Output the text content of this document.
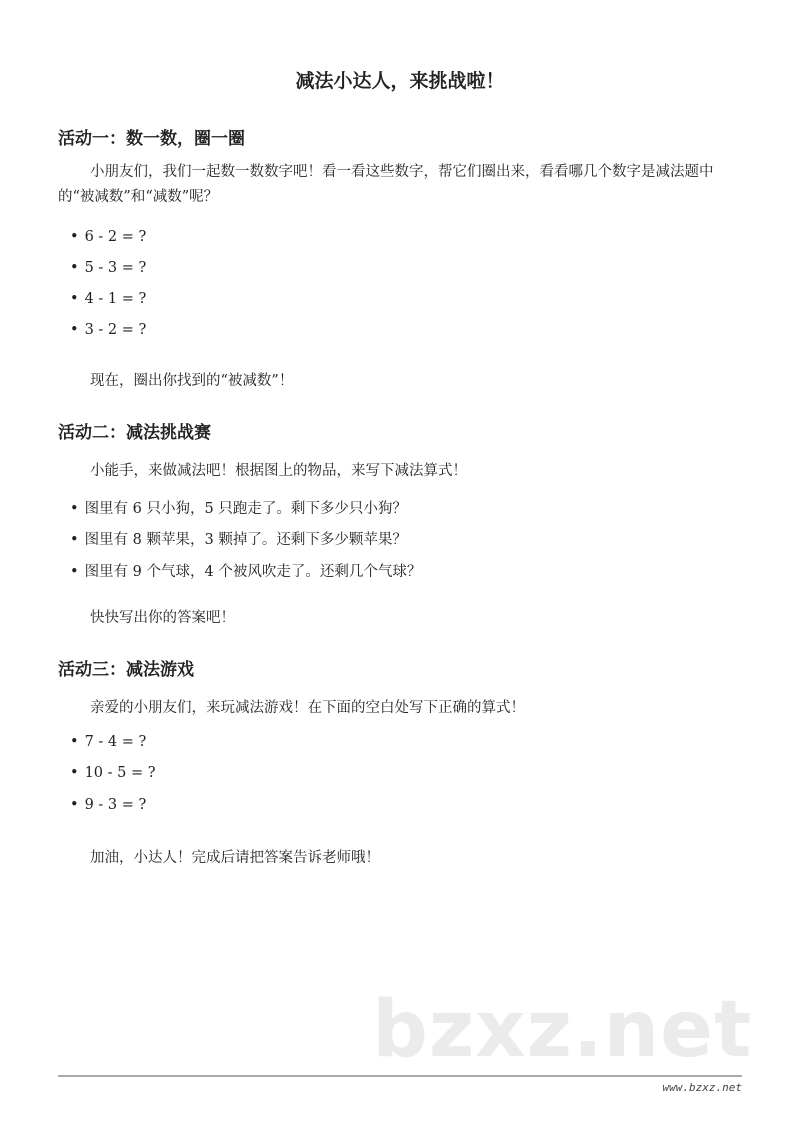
减法小达人，来挑战啦！
活动一：数一数，圈一圈
小朋友们，我们一起数一数数字吧！看一看这些数字，帮它们圈出来，看看哪几个数字是减法题中的“被减数”和“减数”呢？
• 6 - 2 = ?
• 5 - 3 = ?
• 4 - 1 = ?
• 3 - 2 = ?
现在，圈出你找到的“被减数”！
活动二：减法挑战赛
小能手，来做减法吧！根据图上的物品，来写下减法算式！
• 图里有 6 只小狗，5 只跑走了。剩下多少只小狗？
• 图里有 8 颗苹果，3 颗掉了。还剩下多少颗苹果？
• 图里有 9 个气球，4 个被风吹走了。还剩几个气球？
快快写出你的答案吧！
活动三：减法游戏
亲爱的小朋友们，来玩减法游戏！在下面的空白处写下正确的算式！
• 7 - 4 = ?
• 10 - 5 = ?
• 9 - 3 = ?
加油，小达人！完成后请把答案告诉老师哦！
bzxz.net
www.bzxz.net
